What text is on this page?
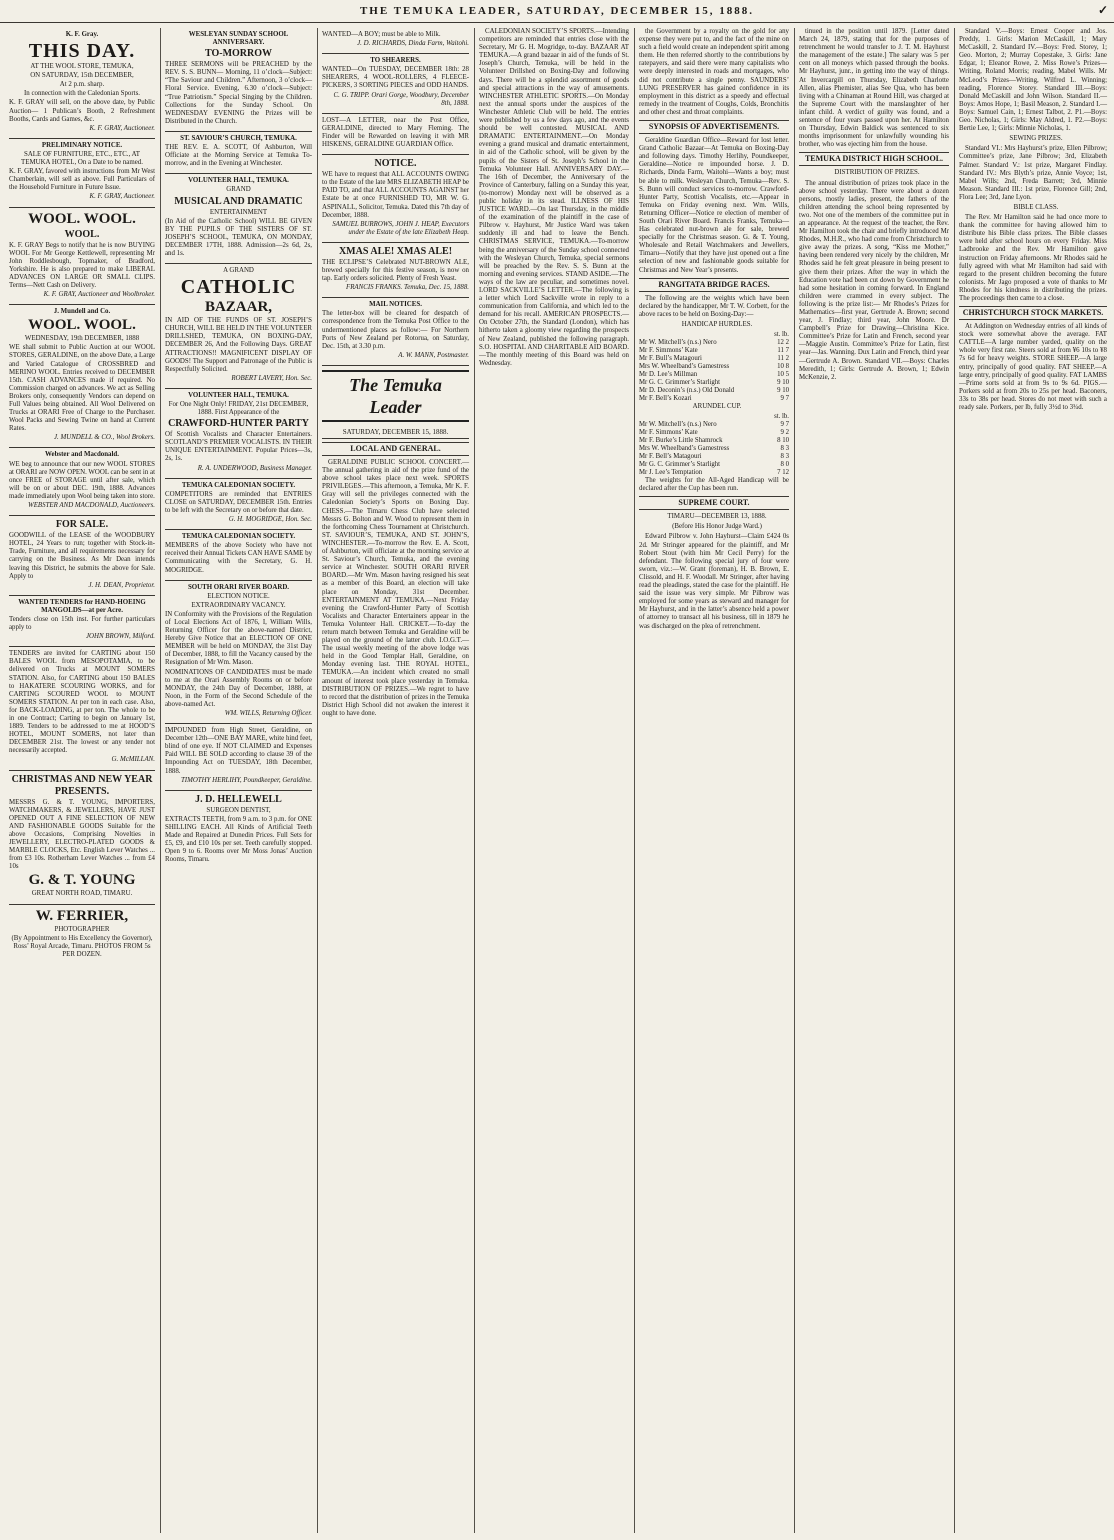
THE TEMUKA LEADER, SATURDAY, DECEMBER 15, 1888.	✓

K. F. Gray.

THIS DAY.

AT THE WOOL STORE, TEMUKA,

ON SATURDAY, 15th DECEMBER,

At 2 p.m. sharp.

In connection with the Caledonian Sports.

K. F. GRAY will sell, on the above date, by Public Auction— 1 Publican’s Booth, 2 Refreshment Booths, Cards and Games, &c.

K. F. GRAY, Auctioneer.

PRELIMINARY NOTICE.

SALE OF FURNITURE, ETC., ETC., AT TEMUKA HOTEL, On a Date to be named.

K. F. GRAY, favored with instructions from Mr West Chamberlain, will sell as above. Full Particulars of the Household Furniture in Future Issue.

K. F. GRAY, Auctioneer.

WOOL. WOOL.

WOOL.

K. F. GRAY Begs to notify that he is now BUYING WOOL For Mr George Kettlewell, representing Mr John Roddlesbough, Topmaker, of Bradford, Yorkshire. He is also prepared to make LIBERAL ADVANCES ON LARGE OR SMALL CLIPS. Terms—Nett Cash on Delivery.

K. F. GRAY, Auctioneer and Woolbroker.

J. Mundell and Co.

WOOL. WOOL.

WEDNESDAY, 19th DECEMBER, 1888

WE shall submit to Public Auction at our WOOL STORES, GERALDINE, on the above Date, a Large and Varied Catalogue of CROSSBRED and MERINO WOOL. Entries received to DECEMBER 15th. CASH ADVANCES made if required. No Commission charged on advances. We act as Selling Brokers only, consequently Vendors can depend on Full Values being obtained. All Wool Delivered on Trucks at ORARI Free of Charge to the Purchaser. Wool Packs and Sewing Twine on hand at Current Rates.

J. MUNDELL & CO., Wool Brokers.

Webster and Macdonald.

WE beg to announce that our new WOOL STORES at ORARI are NOW OPEN. WOOL can be sent in at once FREE of STORAGE until after sale, which will be on or about DEC. 19th, 1888. Advances made immediately upon Wool being taken into store.

WEBSTER AND MACDONALD, Auctioneers.

FOR SALE.

GOODWILL of the LEASE of the WOODBURY HOTEL, 24 Years to run; together with Stock-in-Trade, Furniture, and all requirements necessary for carrying on the Business. As Mr Dean intends leaving this District, he submits the above for Sale. Apply to

J. H. DEAN, Proprietor.

WANTED TENDERS for HAND-HOEING MANGOLDS—at per Acre.

Tenders close on 15th inst. For further particulars apply to

JOHN BROWN, Milford.

TENDERS are invited for CARTING about 150 BALES WOOL from MESOPOTAMIA, to be delivered on Trucks at MOUNT SOMERS STATION. Also, for CARTING about 150 BALES to HAKATERE SCOURING WORKS, and for CARTING SCOURED WOOL to MOUNT SOMERS STATION. At per ton in each case. Also, for BACK-LOADING, at per ton. The whole to be in one Contract; Carting to begin on January 1st, 1889. Tenders to be addressed to me at HOOD’S HOTEL, MOUNT SOMERS, not later than DECEMBER 21st. The lowest or any tender not necessarily accepted.

G. McMILLAN.

CHRISTMAS AND NEW YEAR PRESENTS.

MESSRS G. & T. YOUNG, IMPORTERS, WATCHMAKERS, & JEWELLERS, HAVE JUST OPENED OUT A FINE SELECTION OF NEW AND FASHIONABLE GOODS Suitable for the above Occasions, Comprising Novelties in JEWELLERY, ELECTRO-PLATED GOODS & MARBLE CLOCKS, Etc. English Lever Watches ... from £3 10s. Rotherham Lever Watches ... from £4 10s

G. & T. YOUNG

GREAT NORTH ROAD, TIMARU.

W. FERRIER,

PHOTOGRAPHER

(By Appointment to His Excellency the Governor), Ross’ Royal Arcade, Timaru. PHOTOS FROM 5s PER DOZEN.

WESLEYAN SUNDAY SCHOOL ANNIVERSARY.

TO-MORROW

THREE SERMONS will be PREACHED by the REV. S. S. BUNN— Morning, 11 o’clock—Subject: “The Saviour and Children.” Afternoon, 3 o’clock—Floral Service. Evening, 6.30 o’clock—Subject: “True Patriotism.” Special Singing by the Children. Collections for the Sunday School. On WEDNESDAY EVENING the Prizes will be Distributed in the Church.

ST. SAVIOUR’S CHURCH, TEMUKA.

THE REV. E. A. SCOTT, Of Ashburton, Will Officiate at the Morning Service at Temuka To-morrow, and in the Evening at Winchester.

VOLUNTEER HALL, TEMUKA.

GRAND

MUSICAL AND DRAMATIC

ENTERTAINMENT

(In Aid of the Catholic School) WILL BE GIVEN BY THE PUPILS OF THE SISTERS OF ST. JOSEPH’S SCHOOL, TEMUKA, ON MONDAY, DECEMBER 17TH, 1888. Admission—2s 6d, 2s, and 1s.

A GRAND

CATHOLIC

BAZAAR,

IN AID OF THE FUNDS OF ST. JOSEPH’S CHURCH, WILL BE HELD IN THE VOLUNTEER DRILLSHED, TEMUKA, ON BOXING-DAY, DECEMBER 26, And the Following Days. GREAT ATTRACTIONS!! MAGNIFICENT DISPLAY OF GOODS! The Support and Patronage of the Public is Respectfully Solicited.

ROBERT LAVERY, Hon. Sec.

VOLUNTEER HALL, TEMUKA.

For One Night Only! FRIDAY, 21st DECEMBER, 1888. First Appearance of the

CRAWFORD-HUNTER PARTY

Of Scottish Vocalists and Character Entertainers. SCOTLAND’S PREMIER VOCALISTS. IN THEIR UNIQUE ENTERTAINMENT. Popular Prices—3s, 2s, 1s.

R. A. UNDERWOOD, Business Manager.

TEMUKA CALEDONIAN SOCIETY.

COMPETITORS are reminded that ENTRIES CLOSE on SATURDAY, DECEMBER 15th. Entries to be left with the Secretary on or before that date.

G. H. MOGRIDGE, Hon. Sec.

TEMUKA CALEDONIAN SOCIETY.

MEMBERS of the above Society who have not received their Annual Tickets CAN HAVE SAME by Communicating with the Secretary, G. H. MOGRIDGE.

SOUTH ORARI RIVER BOARD.

ELECTION NOTICE.

EXTRAORDINARY VACANCY.

IN Conformity with the Provisions of the Regulation of Local Elections Act of 1876, I, William Wills, Returning Officer for the above-named District, Hereby Give Notice that an ELECTION OF ONE MEMBER will be held on MONDAY, the 31st Day of December, 1888, to fill the Vacancy caused by the Resignation of Mr Wm. Mason.

NOMINATIONS OF CANDIDATES must be made to me at the Orari Assembly Rooms on or before MONDAY, the 24th Day of December, 1888, at Noon, in the Form of the Second Schedule of the above-named Act.

WM. WILLS, Returning Officer.

IMPOUNDED from High Street, Geraldine, on December 12th—ONE BAY MARE, white hind feet, blind of one eye. If NOT CLAIMED and Expenses Paid WILL BE SOLD according to clause 39 of the Impounding Act on TUESDAY, 18th December, 1888.

TIMOTHY HERLIHY, Poundkeeper, Geraldine.

J. D. HELLEWELL

SURGEON DENTIST,

EXTRACTS TEETH, from 9 a.m. to 3 p.m. for ONE SHILLING EACH. All Kinds of Artificial Teeth Made and Repaired at Dunedin Prices. Full Sets for £5, £9, and £10 10s per set. Teeth carefully stopped. Open 9 to 6. Rooms over Mr Moss Jonas’ Auction Rooms, Timaru.

WANTED—A BOY; must be able to Milk.

J. D. RICHARDS, Dinda Farm, Waitohi.

TO SHEARERS.

WANTED—On TUESDAY, DECEMBER 18th: 28 SHEARERS, 4 WOOL-ROLLERS, 4 FLEECE-PICKERS, 3 SORTING PIECES and ODD HANDS.

C. G. TRIPP. Orari Gorge, Woodbury, December 8th, 1888.

LOST—A LETTER, near the Post Office, GERALDINE, directed to Mary Fleming. The Finder will be Rewarded on leaving it with MR HISKENS, GERALDINE GUARDIAN Office.

NOTICE.

WE have to request that ALL ACCOUNTS OWING to the Estate of the late MRS ELIZABETH HEAP be PAID TO, and that ALL ACCOUNTS AGAINST her Estate be at once FURNISHED TO, MR W. G. ASPINALL, Solicitor, Temuka. Dated this 7th day of December, 1888.

SAMUEL BURROWS, JOHN J. HEAP, Executors under the Estate of the late Elizabeth Heap.

XMAS ALE! XMAS ALE!

THE ECLIPSE’S Celebrated NUT-BROWN ALE, brewed specially for this festive season, is now on tap. Early orders solicited. Plenty of Fresh Yeast.

FRANCIS FRANKS. Temuka, Dec. 15, 1888.

MAIL NOTICES.

The letter-box will be cleared for despatch of correspondence from the Temuka Post Office to the undermentioned places as follow:— For Northern Ports of New Zealand per Rotorua, on Saturday, Dec. 15th, at 3.30 p.m.

A. W. MANN, Postmaster.

The Temuka Leader
SATURDAY, DECEMBER 15, 1888.
LOCAL AND GENERAL.

GERALDINE PUBLIC SCHOOL CONCERT.—The annual gathering in aid of the prize fund of the above school takes place next week. SPORTS PRIVILEGES.—This afternoon, a Temuka, Mr K. F. Gray will sell the privileges connected with the Caledonian Society’s Sports on Boxing Day. CHESS.—The Timaru Chess Club have selected Messrs G. Bolton and W. Wood to represent them in the forthcoming Chess Tournament at Christchurch. ST. SAVIOUR’S, TEMUKA, AND ST. JOHN’S, WINCHESTER.—To-morrow the Rev. E. A. Scott, of Ashburton, will officiate at the morning service at St. Saviour’s Church, Temuka, and the evening service at Winchester. SOUTH ORARI RIVER BOARD.—Mr Wm. Mason having resigned his seat as a member of this Board, an election will take place on Monday, 31st December. ENTERTAINMENT AT TEMUKA.—Next Friday evening the Crawford-Hunter Party of Scottish Vocalists and Character Entertainers appear in the Temuka Volunteer Hall. CRICKET.—To-day the return match between Temuka and Geraldine will be played on the ground of the latter club. I.O.G.T.—The usual weekly meeting of the above lodge was held in the Good Templar Hall, Geraldine, on Monday evening last. THE ROYAL HOTEL, TEMUKA.—An incident which created no small amount of interest took place yesterday in Temuka. DISTRIBUTION OF PRIZES.—We regret to have to record that the distribution of prizes in the Temuka District High School did not awaken the interest it ought to have done.

CALEDONIAN SOCIETY’S SPORTS.—Intending competitors are reminded that entries close with the Secretary, Mr G. H. Mogridge, to-day. BAZAAR AT TEMUKA.—A grand bazaar in aid of the funds of St. Joseph’s Church, Temuka, will be held in the Volunteer Drillshed on Boxing-Day and following days. There will be a splendid assortment of goods and special attractions in the way of amusements. WINCHESTER ATHLETIC SPORTS.—On Monday next the annual sports under the auspices of the Winchester Athletic Club will be held. The entries were published by us a few days ago, and the events should be well contested. MUSICAL AND DRAMATIC ENTERTAINMENT.—On Monday evening a grand musical and dramatic entertainment, in aid of the Catholic school, will be given by the pupils of the Sisters of St. Joseph’s School in the Temuka Volunteer Hall. ANNIVERSARY DAY.—The 16th of December, the Anniversary of the Province of Canterbury, falling on a Sunday this year, (to-morrow) Monday next will be observed as a public holiday in its stead. ILLNESS OF HIS JUSTICE WARD.—On last Thursday, in the middle of the examination of the plaintiff in the case of Pilbrow v. Hayhurst, Mr Justice Ward was taken suddenly ill and had to leave the Bench. CHRISTMAS SERVICE, TEMUKA.—To-morrow being the anniversary of the Sunday school connected with the Wesleyan Church, Temuka, special sermons will be preached by the Rev. S. S. Bunn at the morning and evening services. STAND ASIDE.—The ways of the law are peculiar, and sometimes novel. LORD SACKVILLE’S LETTER.—The following is a letter which Lord Sackville wrote in reply to a communication from California, and which led to the demand for his recall. AMERICAN PROSPECTS.—On October 27th, the Standard (London), which has hitherto taken a gloomy view regarding the prospects of New Zealand, published the following paragraph. S.O. HOSPITAL AND CHARITABLE AID BOARD.—The monthly meeting of this Board was held on Wednesday.

the Government by a royalty on the gold for any expense they were put to, and the fact of the mine on such a field would create an independent spirit among them. He then referred shortly to the contributions by ratepayers, and said there were many capitalists who were deeply interested in roads and mortgages, who did not contribute a single penny. SAUNDERS’ LUNG PRESERVER has gained confidence in its employment in this district as a speedy and effectual remedy in the treatment of Coughs, Colds, Bronchitis and other chest and throat complaints.

SYNOPSIS OF ADVERTISEMENTS.

Geraldine Guardian Office—Reward for lost letter. Grand Catholic Bazaar—At Temuka on Boxing-Day and following days. Timothy Herlihy, Poundkeeper, Geraldine—Notice re impounded horse. J. D. Richards, Dinda Farm, Waitohi—Wants a boy; must be able to milk. Wesleyan Church, Temuka—Rev. S. S. Bunn will conduct services to-morrow. Crawford-Hunter Party, Scottish Vocalists, etc.—Appear in Temuka on Friday evening next. Wm. Wills, Returning Officer—Notice re election of member of South Orari River Board. Francis Franks, Temuka—Has celebrated nut-brown ale for sale, brewed specially for the Christmas season. G. & T. Young, Wholesale and Retail Watchmakers and Jewellers, Timaru—Notify that they have just opened out a fine selection of new and fashionable goods suitable for Christmas and New Year’s presents.

RANGITATA BRIDGE RACES.

The following are the weights which have been declared by the handicapper, Mr T. W. Corbett, for the above races to be held on Boxing-Day:—

HANDICAP HURDLES.

	st. lb.
Mr W. Mitchell’s (n.s.) Nero	12 2
Mr F. Simmons’ Kate	11 7
Mr F. Bull’s Matagouri	11 2
Mrs W. Wheelband’s Gamestress	10 8
Mr D. Lee’s Millman	10 5
Mr G. C. Grimmer’s Starlight	9 10
Mr D. Deconin’s (n.s.) Old Donald	9 10
Mr F. Bell’s Kozari	9 7

ARUNDEL CUP.

	st. lb.
Mr W. Mitchell’s (n.s.) Nero	9 7
Mr F. Simmons’ Kate	9 2
Mr F. Burke’s Little Shamrock	8 10
Mrs W. Wheelband’s Gamestress	8 3
Mr F. Bell’s Matagouri	8 3
Mr G. C. Grimmer’s Starlight	8 0
Mr J. Lee’s Temptation	7 12

The weights for the All-Aged Handicap will be declared after the Cup has been run.

SUPREME COURT.

TIMARU—DECEMBER 13, 1888.

(Before His Honor Judge Ward.)

Edward Pilbrow v. John Hayhurst—Claim £424 0s 2d. Mr Stringer appeared for the plaintiff, and Mr Robert Stout (with him Mr Cecil Perry) for the defendant. The following special jury of four were sworn, viz.:—W. Grant (foreman), H. B. Brown, E. Clissold, and H. F. Woodall. Mr Stringer, after having read the pleadings, stated the case for the plaintiff. He said the issue was very simple. Mr Pilbrow was employed for some years as steward and manager for Mr Hayhurst, and in the latter’s absence held a power of attorney to transact all his business, till in 1879 he was discharged on the plea of retrenchment.

tinued in the position until 1879. [Letter dated March 24, 1879, stating that for the purposes of retrenchment he would transfer to J. T. M. Hayhurst the management of the estate.] The salary was 5 per cent on all moneys which passed through the books. Mr Hayhurst, junr., in getting into the way of things. At Invercargill on Thursday, Elizabeth Charlotte Allen, alias Phemister, alias See Qua, who has been living with a Chinaman at Round Hill, was charged at the Supreme Court with the manslaughter of her infant child. A verdict of guilty was found, and a sentence of four years passed upon her. At Hamilton on Thursday, Edwin Baldick was sentenced to six months imprisonment for unlawfully wounding his brother, who was ejecting him from the house.

TEMUKA DISTRICT HIGH SCHOOL.

DISTRIBUTION OF PRIZES.

The annual distribution of prizes took place in the above school yesterday. There were about a dozen persons, mostly ladies, present, the fathers of the children attending the school being represented by two. Not one of the members of the committee put in an appearance. At the request of the teacher, the Rev. Mr Hamilton took the chair and briefly introduced Mr Rhodes, M.H.R., who had come from Christchurch to give away the prizes. A song, “Kiss me Mother,” having been rendered very nicely by the children, Mr Rhodes said he felt great pleasure in being present to give them their prizes. After the way in which the Education vote had been cut down by Government he had some hesitation in coming forward. In England children were crammed in every subject. The following is the prize list:— Mr Rhodes’s Prizes for Mathematics—first year, Gertrude A. Brown; second year, J. Findlay; third year, John Moore. Dr Campbell’s Prize for Drawing—Christina Kice. Committee’s Prize for Latin and French, second year—Maggie Austin. Committee’s Prize for Latin, first year—Jas. Wanning. Dux Latin and French, third year—Gertrude A. Brown. Standard VII.—Boys: Charles Meredith, 1; Girls: Gertrude A. Brown, 1; Edwin McKenzie, 2.

Standard V.—Boys: Ernest Cooper and Jos. Preddy, 1. Girls: Marion McCaskill, 1; Mary McCaskill, 2. Standard IV.—Boys: Fred. Storey, 1; Geo. Morton, 2; Murray Copestake, 3. Girls: Jane Edgar, 1; Eleanor Rowe, 2. Miss Rowe’s Prizes—Writing, Roland Morris; reading, Mabel Wills. Mr McLeod’s Prizes—Writing, Wilfred L. Winning; reading, Florence Storey. Standard III.—Boys: Donald McCaskill and John Wilson. Standard II.—Boys: Amos Hope, 1; Basil Meason, 2. Standard I.—Boys: Samuel Cain, 1; Ernest Talbot, 2. P1.—Boys: Geo. Nicholas, 1; Girls: May Aldred, 1. P2.—Boys: Bertie Lee, 1; Girls: Minnie Nicholas, 1.

SEWING PRIZES.

Standard VI.: Mrs Hayhurst’s prize, Ellen Pilbrow; Committee’s prize, Jane Pilbrow; 3rd, Elizabeth Palmer. Standard V.: 1st prize, Margaret Findlay. Standard IV.: Mrs Blyth’s prize, Annie Voyce; 1st, Mabel Wills; 2nd, Freda Barrett; 3rd, Minnie Meason. Standard III.: 1st prize, Florence Gill; 2nd, Flora Lee; 3rd, Jane Lyon.

BIBLE CLASS.

The Rev. Mr Hamilton said he had once more to thank the committee for having allowed him to distribute his Bible class prizes. The Bible classes were held after school hours on every Friday. Miss Ladbrooke and the Rev. Mr Hamilton gave instruction on Friday afternoons. Mr Rhodes said he fully agreed with what Mr Hamilton had said with regard to the present children becoming the future colonists. Mr Jago proposed a vote of thanks to Mr Rhodes for his kindness in distributing the prizes. The proceedings then came to a close.

CHRISTCHURCH STOCK MARKETS.

At Addington on Wednesday entries of all kinds of stock were somewhat above the average. FAT CATTLE—A large number yarded, quality on the whole very first rate. Steers sold at from ¥6 10s to ¥8 7s 6d for heavy weights. STORE SHEEP.—A large entry, principally of good quality. FAT SHEEP.—A large entry, principally of good quality. FAT LAMBS—Prime sorts sold at from 9s to 9s 6d. PIGS.—Porkers sold at from 20s to 25s per head. Baconers, 33s to 38s per head. Stores do not meet with such a ready sale. Porkers, per lb, fully 3½d to 3¾d.
